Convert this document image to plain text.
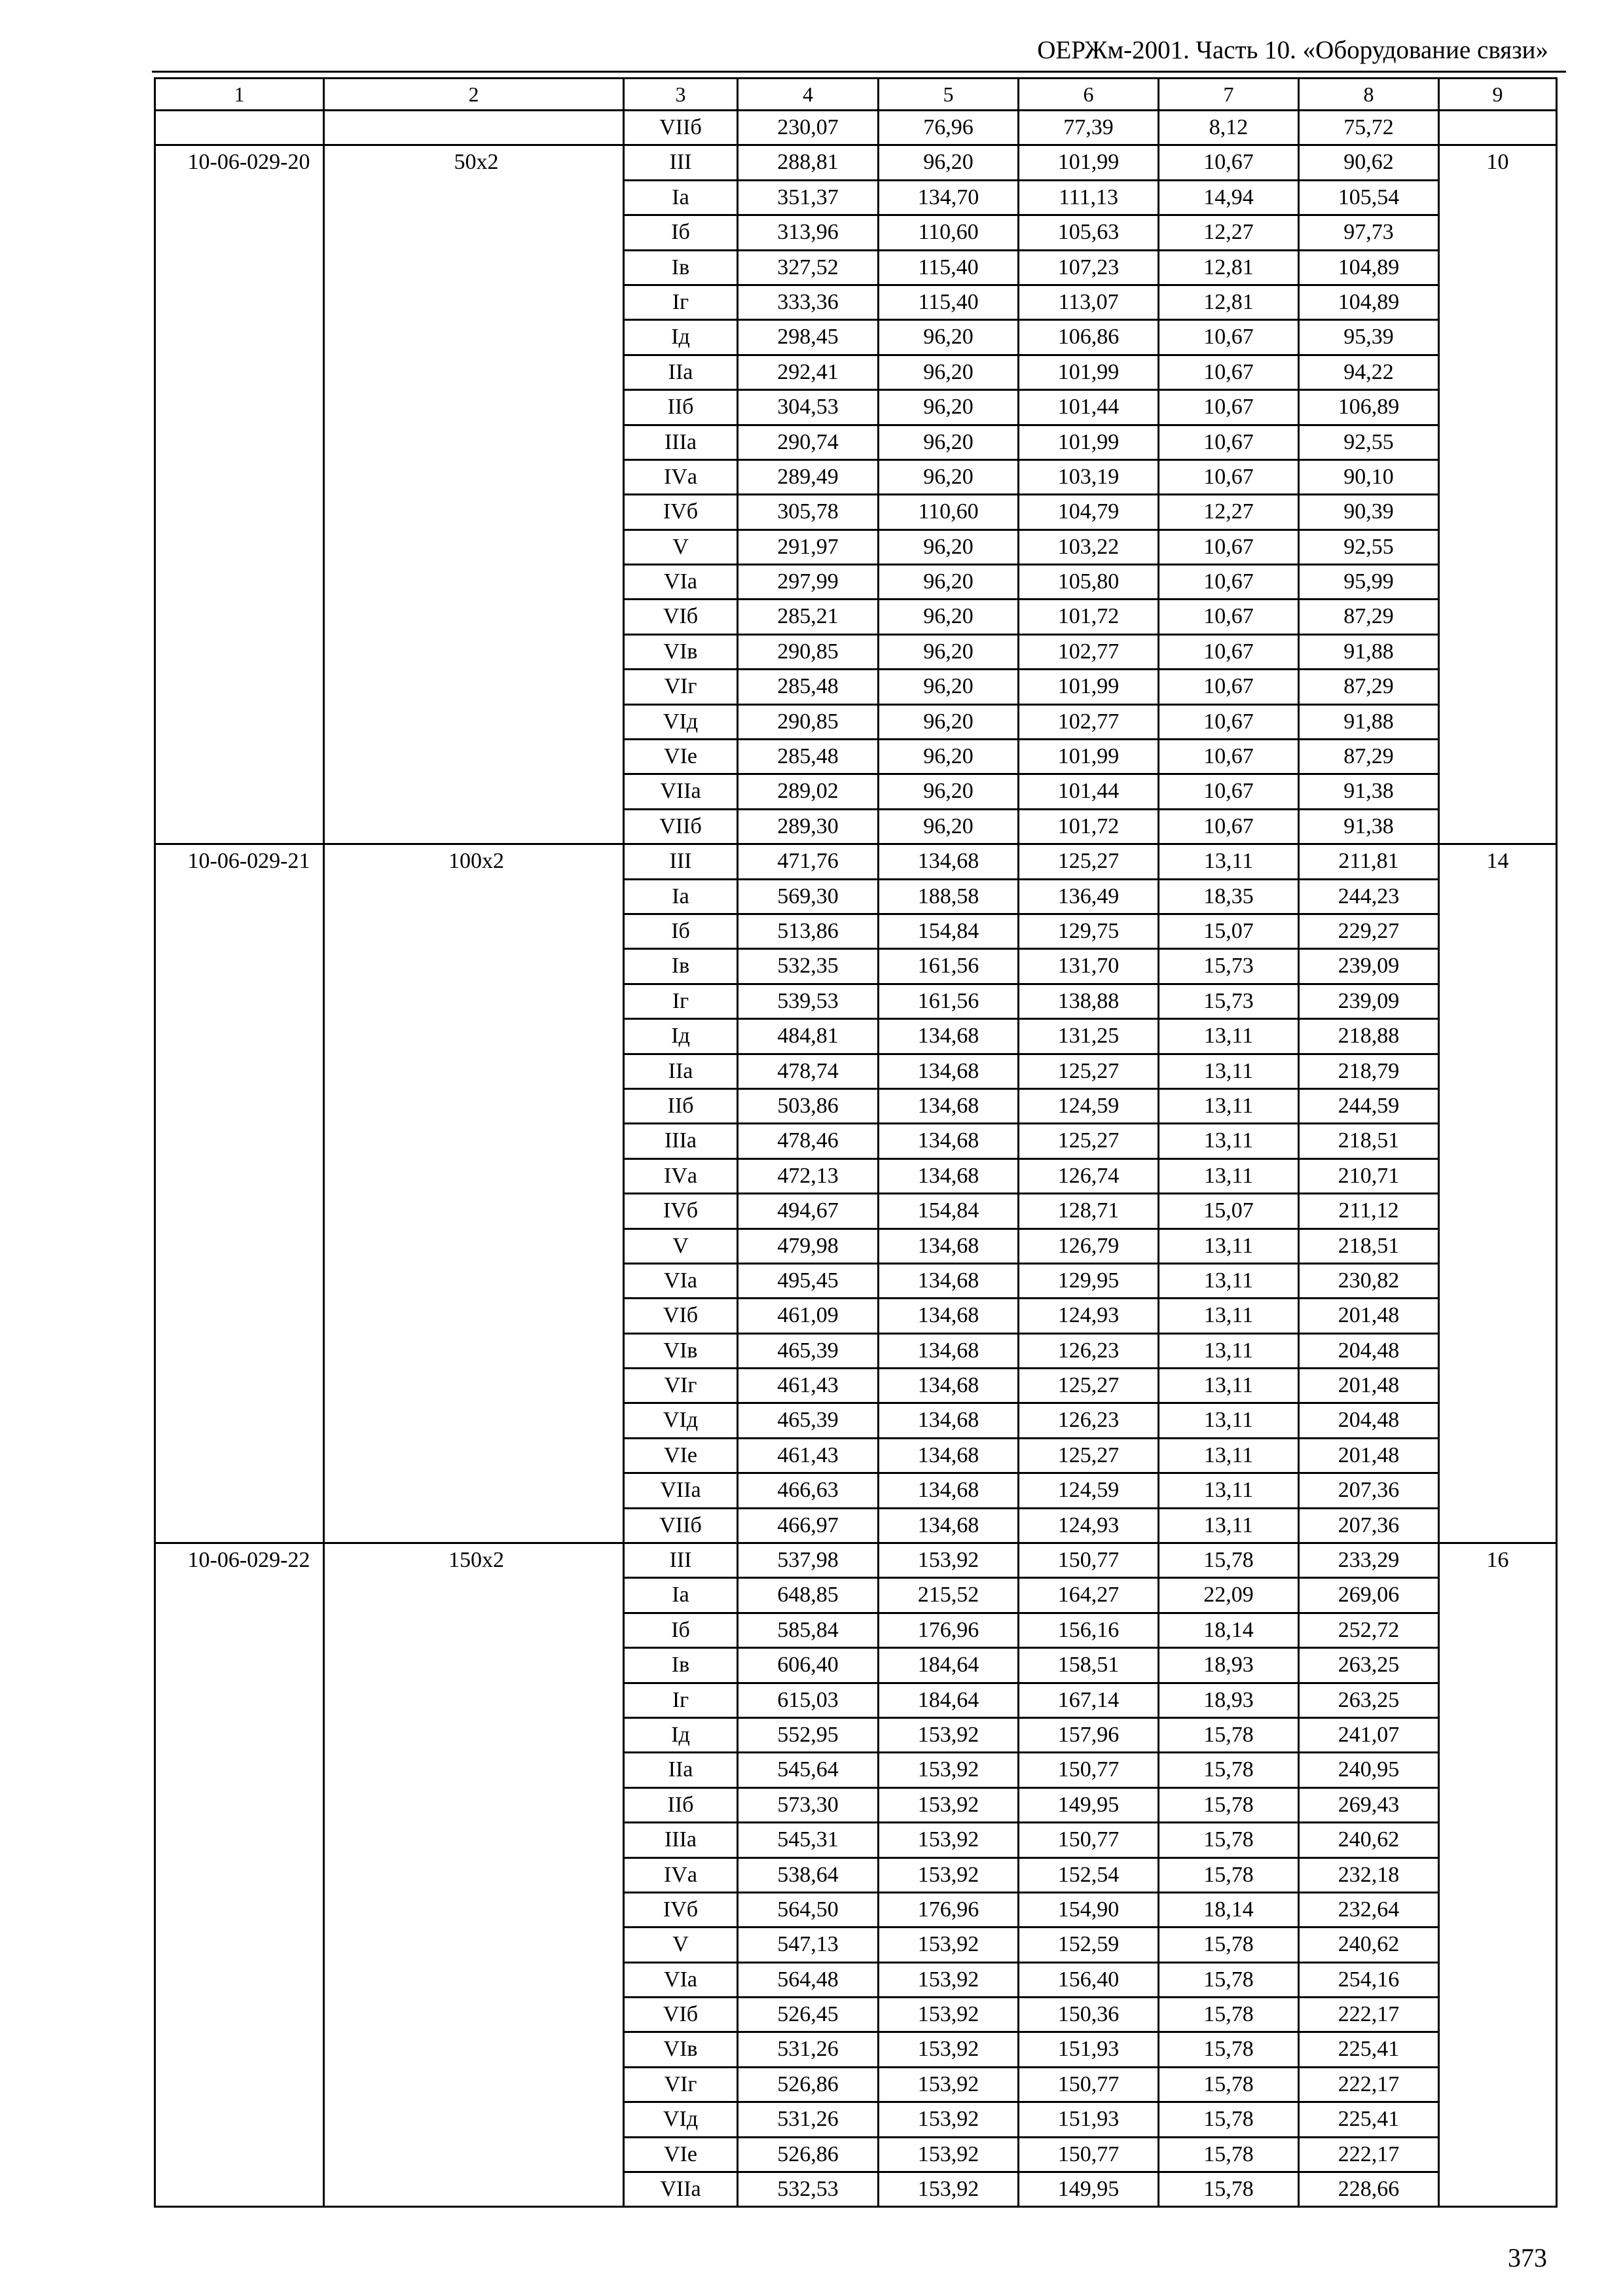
ОЕРЖм-2001. Часть 10. «Оборудование связи»
1	2	3	4	5	6	7	8	9
		VIIб	230,07	76,96	77,39	8,12	75,72	
10-06-029-20	50х2	III	288,81	96,20	101,99	10,67	90,62	10
		Iа	351,37	134,70	111,13	14,94	105,54	
		Iб	313,96	110,60	105,63	12,27	97,73	
		Iв	327,52	115,40	107,23	12,81	104,89	
		Iг	333,36	115,40	113,07	12,81	104,89	
		Iд	298,45	96,20	106,86	10,67	95,39	
		IIа	292,41	96,20	101,99	10,67	94,22	
		IIб	304,53	96,20	101,44	10,67	106,89	
		IIIа	290,74	96,20	101,99	10,67	92,55	
		IVа	289,49	96,20	103,19	10,67	90,10	
		IVб	305,78	110,60	104,79	12,27	90,39	
		V	291,97	96,20	103,22	10,67	92,55	
		VIа	297,99	96,20	105,80	10,67	95,99	
		VIб	285,21	96,20	101,72	10,67	87,29	
		VIв	290,85	96,20	102,77	10,67	91,88	
		VIг	285,48	96,20	101,99	10,67	87,29	
		VIд	290,85	96,20	102,77	10,67	91,88	
		VIе	285,48	96,20	101,99	10,67	87,29	
		VIIа	289,02	96,20	101,44	10,67	91,38	
		VIIб	289,30	96,20	101,72	10,67	91,38	
10-06-029-21	100х2	III	471,76	134,68	125,27	13,11	211,81	14
		Iа	569,30	188,58	136,49	18,35	244,23	
		Iб	513,86	154,84	129,75	15,07	229,27	
		Iв	532,35	161,56	131,70	15,73	239,09	
		Iг	539,53	161,56	138,88	15,73	239,09	
		Iд	484,81	134,68	131,25	13,11	218,88	
		IIа	478,74	134,68	125,27	13,11	218,79	
		IIб	503,86	134,68	124,59	13,11	244,59	
		IIIа	478,46	134,68	125,27	13,11	218,51	
		IVа	472,13	134,68	126,74	13,11	210,71	
		IVб	494,67	154,84	128,71	15,07	211,12	
		V	479,98	134,68	126,79	13,11	218,51	
		VIа	495,45	134,68	129,95	13,11	230,82	
		VIб	461,09	134,68	124,93	13,11	201,48	
		VIв	465,39	134,68	126,23	13,11	204,48	
		VIг	461,43	134,68	125,27	13,11	201,48	
		VIд	465,39	134,68	126,23	13,11	204,48	
		VIе	461,43	134,68	125,27	13,11	201,48	
		VIIа	466,63	134,68	124,59	13,11	207,36	
		VIIб	466,97	134,68	124,93	13,11	207,36	
10-06-029-22	150х2	III	537,98	153,92	150,77	15,78	233,29	16
		Iа	648,85	215,52	164,27	22,09	269,06	
		Iб	585,84	176,96	156,16	18,14	252,72	
		Iв	606,40	184,64	158,51	18,93	263,25	
		Iг	615,03	184,64	167,14	18,93	263,25	
		Iд	552,95	153,92	157,96	15,78	241,07	
		IIа	545,64	153,92	150,77	15,78	240,95	
		IIб	573,30	153,92	149,95	15,78	269,43	
		IIIа	545,31	153,92	150,77	15,78	240,62	
		IVа	538,64	153,92	152,54	15,78	232,18	
		IVб	564,50	176,96	154,90	18,14	232,64	
		V	547,13	153,92	152,59	15,78	240,62	
		VIа	564,48	153,92	156,40	15,78	254,16	
		VIб	526,45	153,92	150,36	15,78	222,17	
		VIв	531,26	153,92	151,93	15,78	225,41	
		VIг	526,86	153,92	150,77	15,78	222,17	
		VIд	531,26	153,92	151,93	15,78	225,41	
		VIе	526,86	153,92	150,77	15,78	222,17	
		VIIа	532,53	153,92	149,95	15,78	228,66	
373
